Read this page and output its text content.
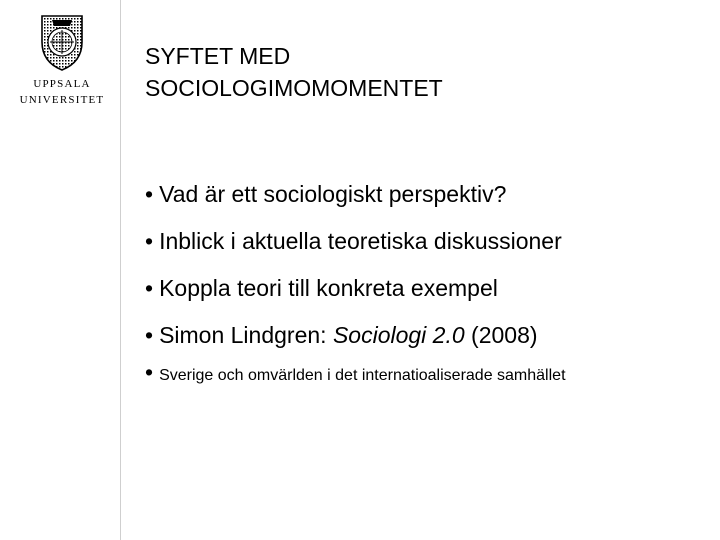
UPPSALA
UNIVERSITET
SYFTET MED
SOCIOLOGIMOMOMENTET
• Vad är ett sociologiskt perspektiv?
• Inblick i aktuella teoretiska diskussioner
• Koppla teori till konkreta exempel
• Simon Lindgren: Sociologi 2.0 (2008)
• Sverige och omvärlden i det internatioaliserade samhället
